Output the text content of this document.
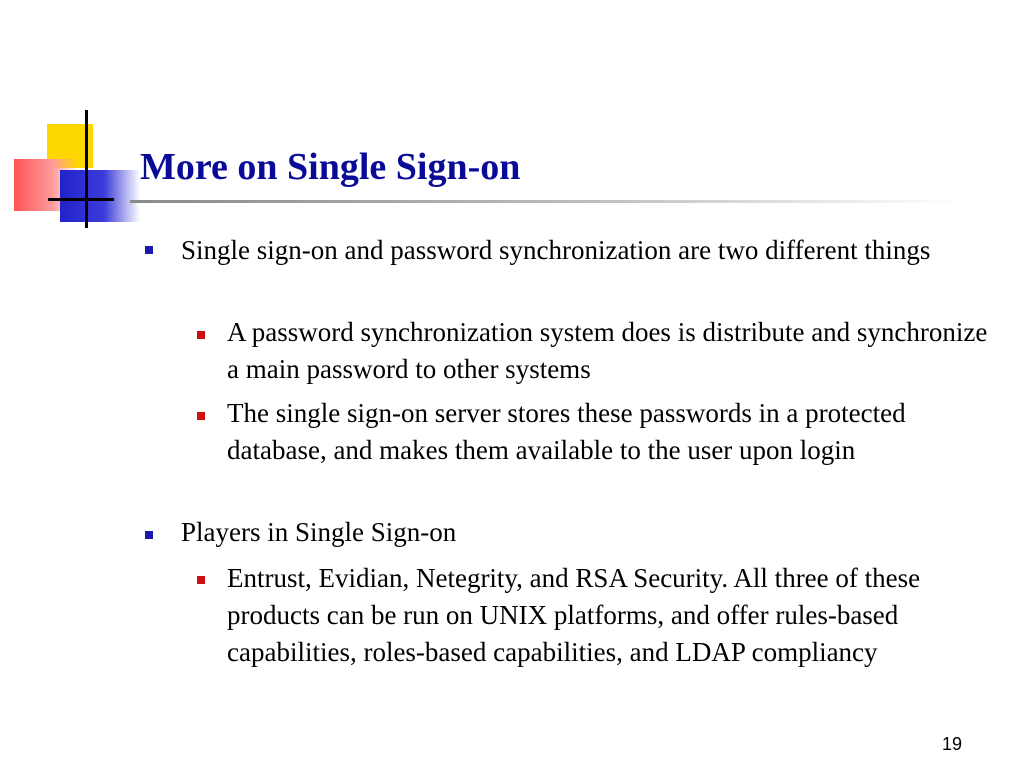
More on Single Sign-on
Single sign-on and password synchronization are two different things
A password synchronization system does is distribute and synchronize a main password to other systems
The single sign-on server stores these passwords in a protected database, and makes them available to the user upon login
Players in Single Sign-on
Entrust, Evidian, Netegrity, and RSA Security. All three of these products can be run on UNIX platforms, and offer rules-based capabilities, roles-based capabilities, and LDAP compliancy
19
